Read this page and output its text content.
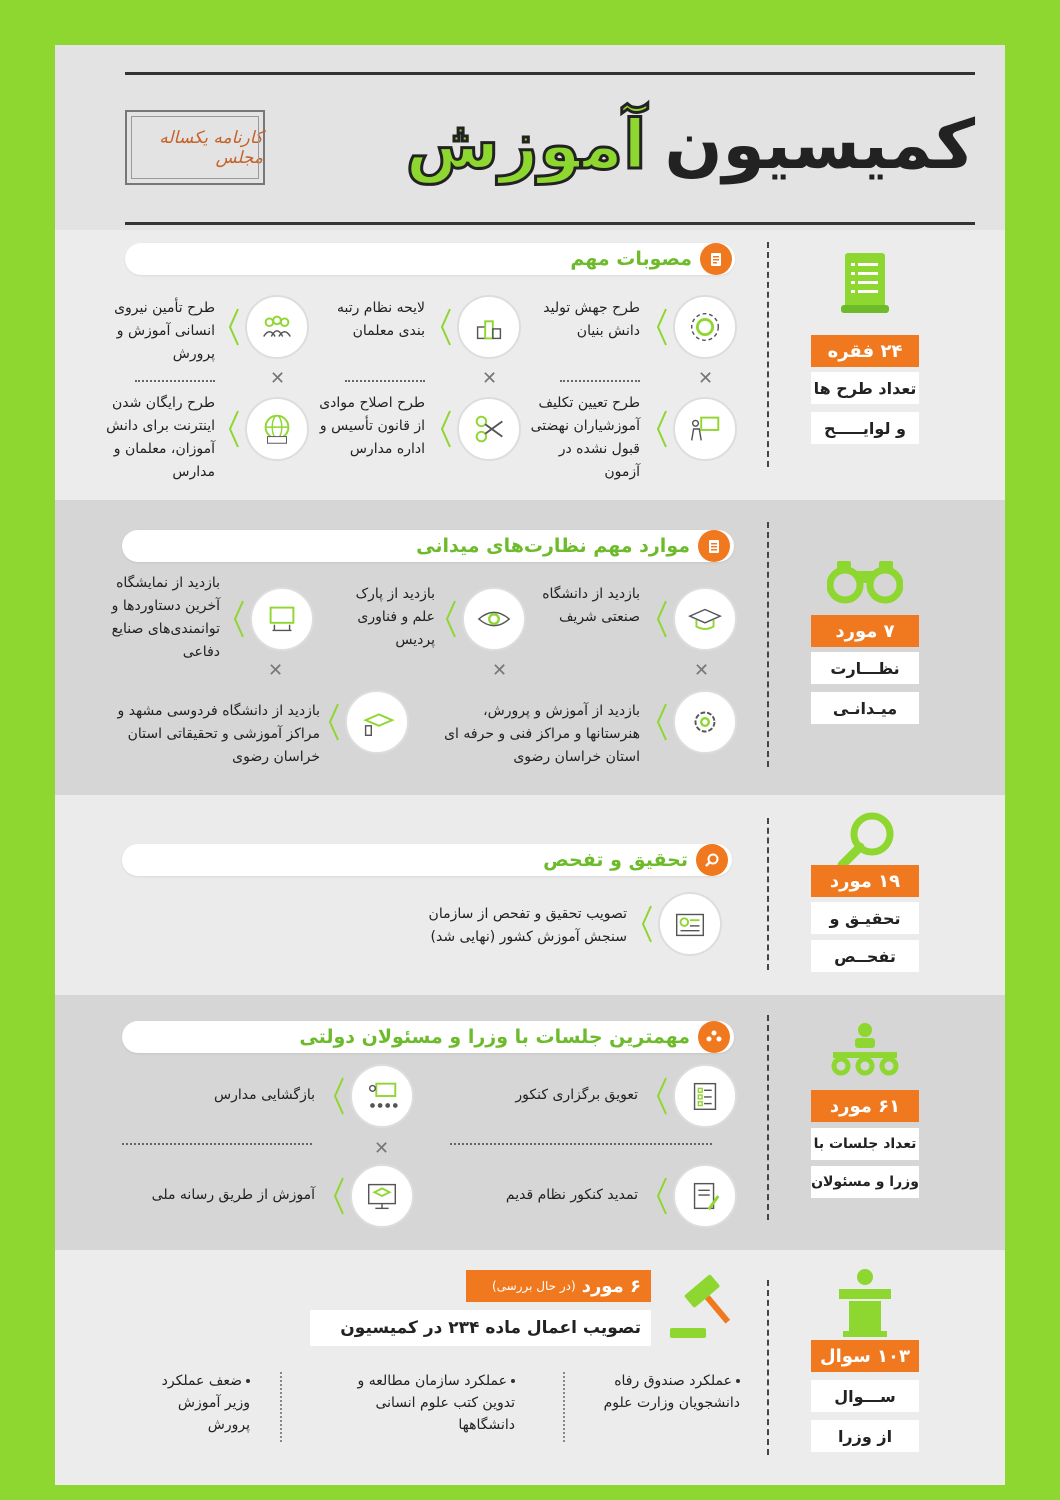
کمیسیون
آموزش
کارنامه یکساله مجلس
مصوبات مهم
۲۴ فقره
تعداد طرح ها
و لوایـــــح
طرح جهش تولید دانش بنیان
لایحه نظام رتبه بندی معلمان
طرح تأمین نیروی انسانی آموزش و پرورش
✕
✕
✕
طرح تعیین تکلیف آموزشیاران نهضتی قبول نشده در آزمون
طرح اصلاح موادی از قانون تأسیس و اداره مدارس
طرح رایگان شدن اینترنت برای دانش آموزان، معلمان و مدارس
موارد مهم نظارت‌های میدانی
۷ مورد
نظـــارت
میـدانـی
بازدید از دانشگاه صنعتی شریف
بازدید از پارک علم و فناوری پردیس
بازدید از نمایشگاه آخرین دستاوردها و توانمندی‌های صنایع دفاعی
✕
✕
✕
بازدید از آموزش و پرورش، هنرستانها و مراکز فنی و حرفه ای استان خراسان رضوی
بازدید از دانشگاه فردوسی مشهد و مراکز آموزشی و تحقیقاتی استان خراسان رضوی
تحقیق و تفحص
۱۹ مورد
تحقیـق و
تفحــص
تصویب تحقیق و تفحص از سازمان سنجش آموزش کشور (نهایی شد)
مهمترین جلسات با وزرا و مسئولان دولتی
۶۱ مورد
تعداد جلسات با
وزرا و مسئولان
تعویق برگزاری کنکور
بازگشایی مدارس
✕
تمدید کنکور نظام قدیم
آموزش از طریق رسانه ملی
۱۰۳ سوال
ســـوال
از وزرا
۶ مورد
(در حال بررسی)
تصویب اعمال ماده ۲۳۴ در کمیسیون
عملکرد صندوق رفاه دانشجویان وزارت علوم
عملکرد سازمان مطالعه و تدوین کتب علوم انسانی دانشگاهها
ضعف عملکرد وزیر آموزش پرورش
